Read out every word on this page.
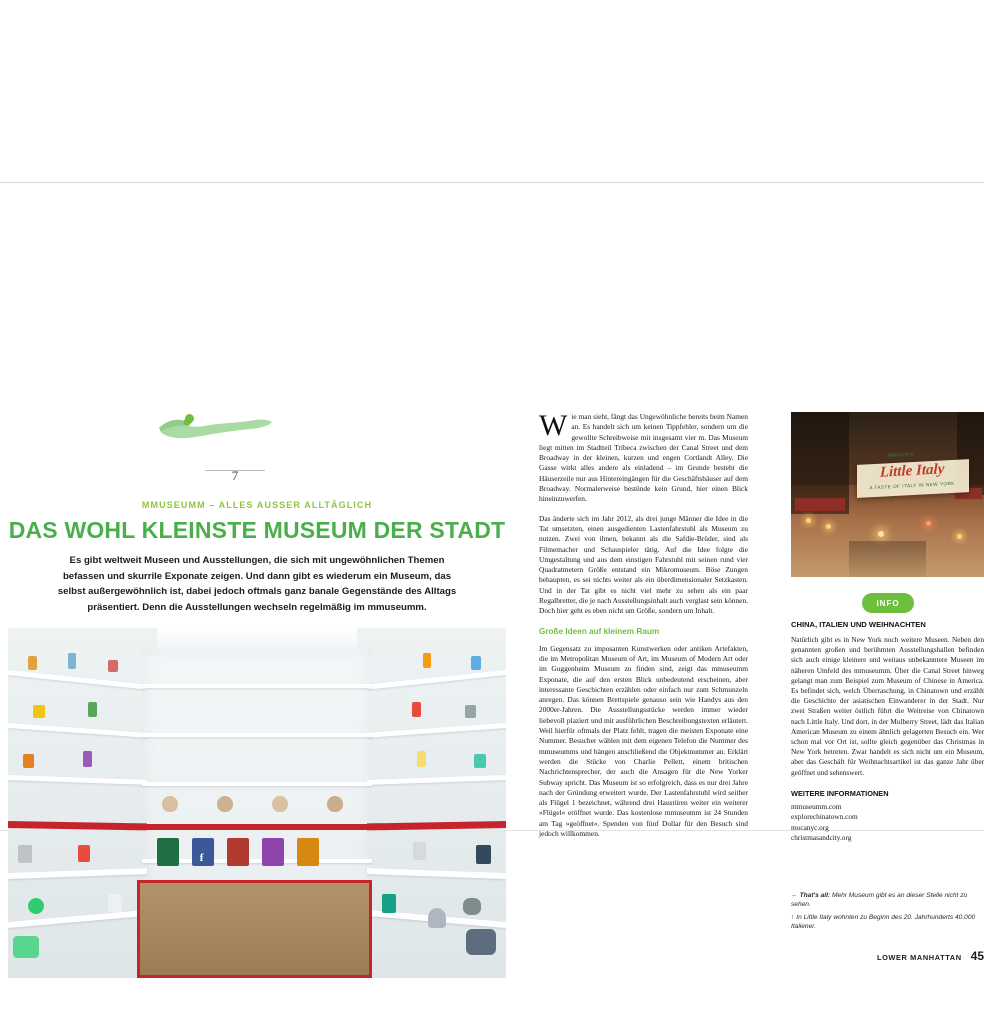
7
MMUSEUMM – ALLES AUSSER ALLTÄGLICH
DAS WOHL KLEINSTE MUSEUM DER STADT
Es gibt weltweit Museen und Ausstellungen, die sich mit ungewöhnlichen Themen befassen und skurrile Exponate zeigen. Und dann gibt es wiederum ein Museum, das selbst außergewöhnlich ist, dabei jedoch oftmals ganz banale Gegenstände des Alltags präsentiert. Denn die Ausstellungen wechseln regelmäßig im mmuseumm.
f

Wie man sieht, fängt das Ungewöhnliche bereits beim Namen an. Es handelt sich um keinen Tippfehler, sondern um die gewollte Schreibweise mit insgesamt vier m. Das Museum liegt mitten im Stadtteil Tribeca zwischen der Canal Street und dem Broadway in der kleinen, kurzen und engen Cortlandt Alley. Die Gasse wirkt alles andere als einladend – im Grunde besteht die Häuserzeile nur aus Hintereingängen für die Geschäftshäuser auf dem Broadway. Normalerweise bestünde kein Grund, hier einen Blick hineinzuwerfen.

Das änderte sich im Jahr 2012, als drei junge Männer die Idee in die Tat umsetzten, einen ausgedienten Lastenfahrstuhl als Museum zu nutzen. Zwei von ihnen, bekannt als die Safdie-Brüder, sind als Filmemacher und Schauspieler tätig. Auf die Idee folgte die Umgestaltung und aus dem einstigen Fahrstuhl mit seinen rund vier Quadratmetern Größe entstand ein Mikromuseum. Böse Zungen behaupten, es sei nichts weiter als ein überdimensionaler Setzkasten. Und in der Tat gibt es nicht viel mehr zu sehen als ein paar Regalbretter, die je nach Ausstellungsinhalt auch verglast sein können. Doch hier geht es eben nicht um Größe, sondern um Inhalt.

Große Ideen auf kleinem Raum

Im Gegensatz zu imposanten Kunstwerken oder antiken Artefakten, die im Metropolitan Museum of Art, im Museum of Modern Art oder im Guggenheim Museum zu finden sind, zeigt das mmuseumm Exponate, die auf den ersten Blick unbedeutend erscheinen, aber interessante Geschichten erzählen oder einfach nur zum Schmunzeln anregen. Das können Brettspiele genauso sein wie Handys aus den 2000er-Jahren. Die Ausstellungsstücke werden immer wieder liebevoll plaziert und mit ausführlichen Beschreibungstexten erläutert. Weil hierfür oftmals der Platz fehlt, tragen die meisten Exponate eine Nummer. Besucher wählen mit dem eigenen Telefon die Nummer des mmuseumms und hängen anschließend die Objektnummer an. Erklärt werden die Stücke von Charlie Pellett, einem britischen Nachrichtensprecher, der auch die Ansagen für die New Yorker Subway spricht. Das Museum ist so erfolgreich, dass es nur drei Jahre nach der Gründung erweitert wurde. Der Lastenfahrstuhl wird seither als Flügel 1 bezeichnet, während drei Haustüren weiter ein weiterer »Flügel« eröffnet wurde. Das kostenlose mmuseumm ist 24 Stunden am Tag »geöffnet«. Spenden von fünf Dollar für den Besuch sind jedoch willkommen.

Welcome to
Little Italy
A TASTE OF ITALY IN NEW YORK
INFO
CHINA, ITALIEN UND WEIHNACHTEN
Natürlich gibt es in New York noch weitere Museen. Neben den genannten großen und berühmten Ausstellungshallen befinden sich auch einige kleinere und weitaus unbekanntere Museen im näheren Umfeld des mmuseumm. Über die Canal Street hinweg gelangt man zum Beispiel zum Museum of Chinese in America. Es befindet sich, welch Überraschung, in Chinatown und erzählt die Geschichte der asiatischen Einwanderer in der Stadt. Nur zwei Straßen weiter östlich führt die Weitreise von Chinatown nach Little Italy. Und dort, in der Mulberry Street, lädt das Italian American Museum zu einem ähnlich gelagerten Besuch ein. Wer schon mal vor Ort ist, sollte gleich gegenüber das Christmas in New York betreten. Zwar handelt es sich nicht um ein Museum, aber das Geschäft für Weihnachtsartikel ist das ganze Jahr über geöffnet und sehenswert.
WEITERE INFORMATIONEN
mmuseumm.com
explorechinatown.com
mocanyc.org
christmasandcity.org
← That's all: Mehr Museum gibt es an dieser Stelle nicht zu sehen.
↑ In Little Italy wohnten zu Beginn des 20. Jahrhunderts 40.000 Italiener.
LOWER MANHATTAN 45
